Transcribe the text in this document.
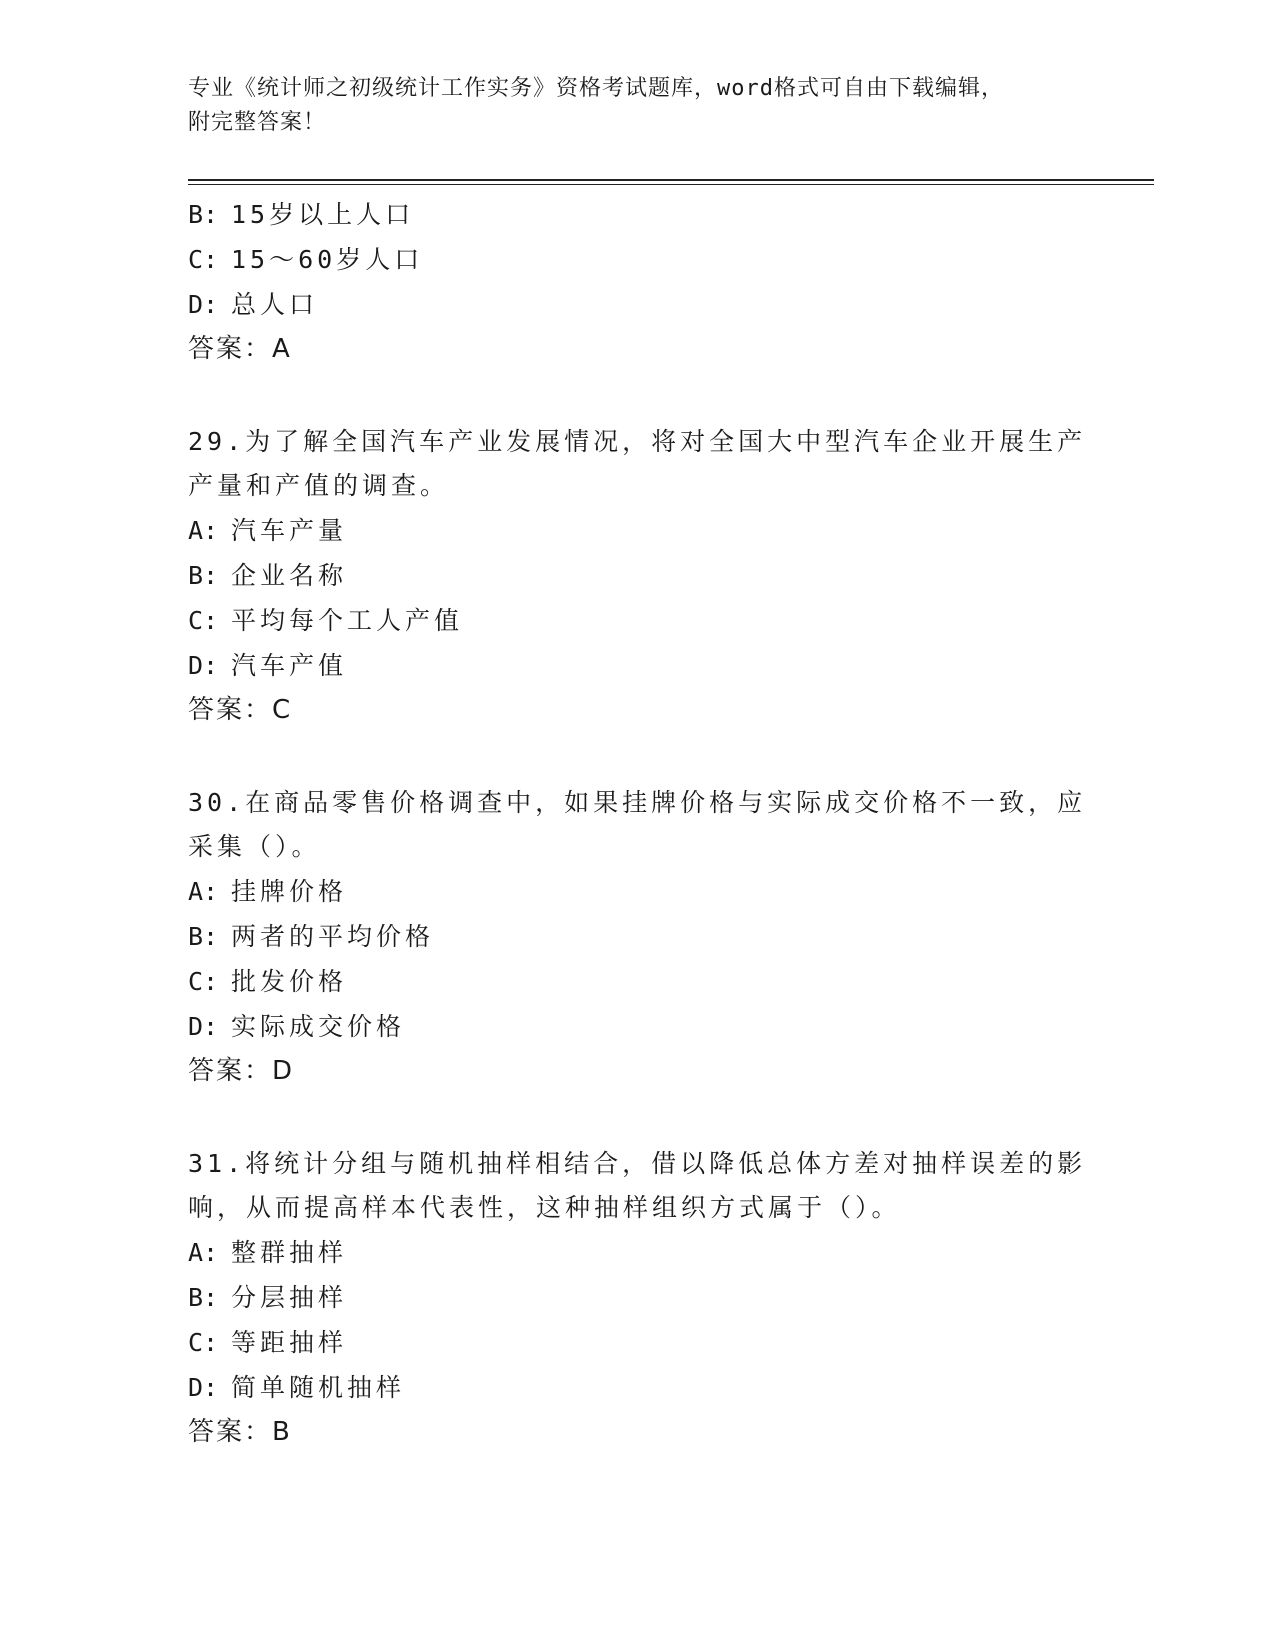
专业《统计师之初级统计工作实务》资格考试题库，word格式可自由下载编辑，
附完整答案！
B: 15岁以上人口
C: 15～60岁人口
D: 总人口
答案：A
29.为了解全国汽车产业发展情况，将对全国大中型汽车企业开展生产
产量和产值的调查。
A: 汽车产量
B: 企业名称
C: 平均每个工人产值
D: 汽车产值
答案：C
30.在商品零售价格调查中，如果挂牌价格与实际成交价格不一致，应
采集（）。
A: 挂牌价格
B: 两者的平均价格
C: 批发价格
D: 实际成交价格
答案：D
31.将统计分组与随机抽样相结合，借以降低总体方差对抽样误差的影
响，从而提高样本代表性，这种抽样组织方式属于（）。
A: 整群抽样
B: 分层抽样
C: 等距抽样
D: 简单随机抽样
答案：B
